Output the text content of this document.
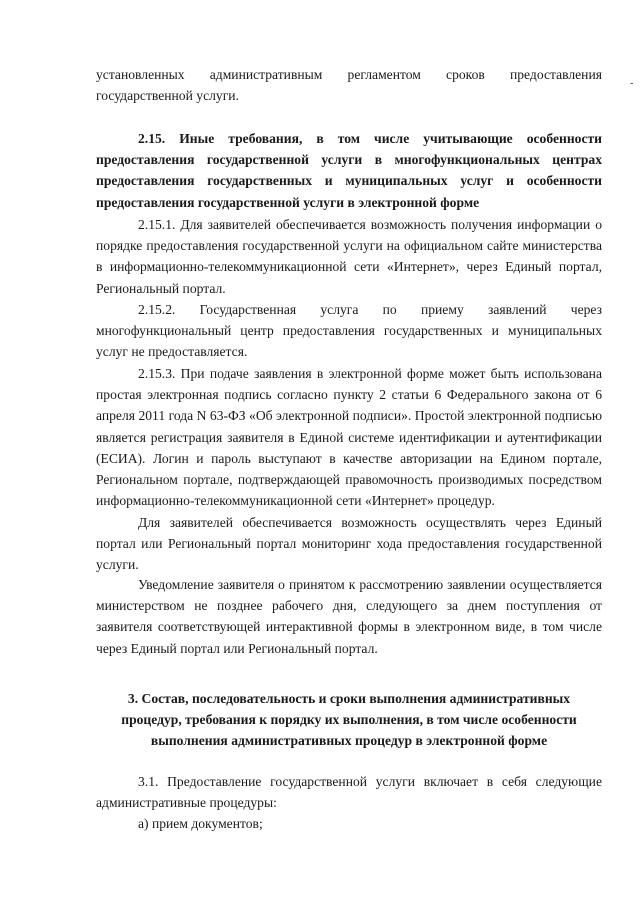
установленных административным регламентом сроков предоставления государственной услуги.

-

2.15. Иные требования, в том числе учитывающие особенности предоставления государственной услуги в многофункциональных центрах предоставления государственных и муниципальных услуг и особенности предоставления государственной услуги в электронной форме

2.15.1. Для заявителей обеспечивается возможность получения информации о порядке предоставления государственной услуги на официальном сайте министерства в информационно-телекоммуникационной сети «Интернет», через Единый портал, Региональный портал.

2.15.2. Государственная услуга по приему заявлений через многофункциональный центр предоставления государственных и муниципальных услуг не предоставляется.

2.15.3. При подаче заявления в электронной форме может быть использована простая электронная подпись согласно пункту 2 статьи 6 Федерального закона от 6 апреля 2011 года N 63-ФЗ «Об электронной подписи». Простой электронной подписью является регистрация заявителя в Единой системе идентификации и аутентификации (ЕСИА). Логин и пароль выступают в качестве авторизации на Едином портале, Региональном портале, подтверждающей правомочность производимых посредством информационно-телекоммуникационной сети «Интернет» процедур.

Для заявителей обеспечивается возможность осуществлять через Единый портал или Региональный портал мониторинг хода предоставления государственной услуги.

Уведомление заявителя о принятом к рассмотрению заявлении осуществляется министерством не позднее рабочего дня, следующего за днем поступления от заявителя соответствующей интерактивной формы в электронном виде, в том числе через Единый портал или Региональный портал.

3. Состав, последовательность и сроки выполнения административных процедур, требования к порядку их выполнения, в том числе особенности выполнения административных процедур в электронной форме

3.1. Предоставление государственной услуги включает в себя следующие административные процедуры:

а) прием документов;
